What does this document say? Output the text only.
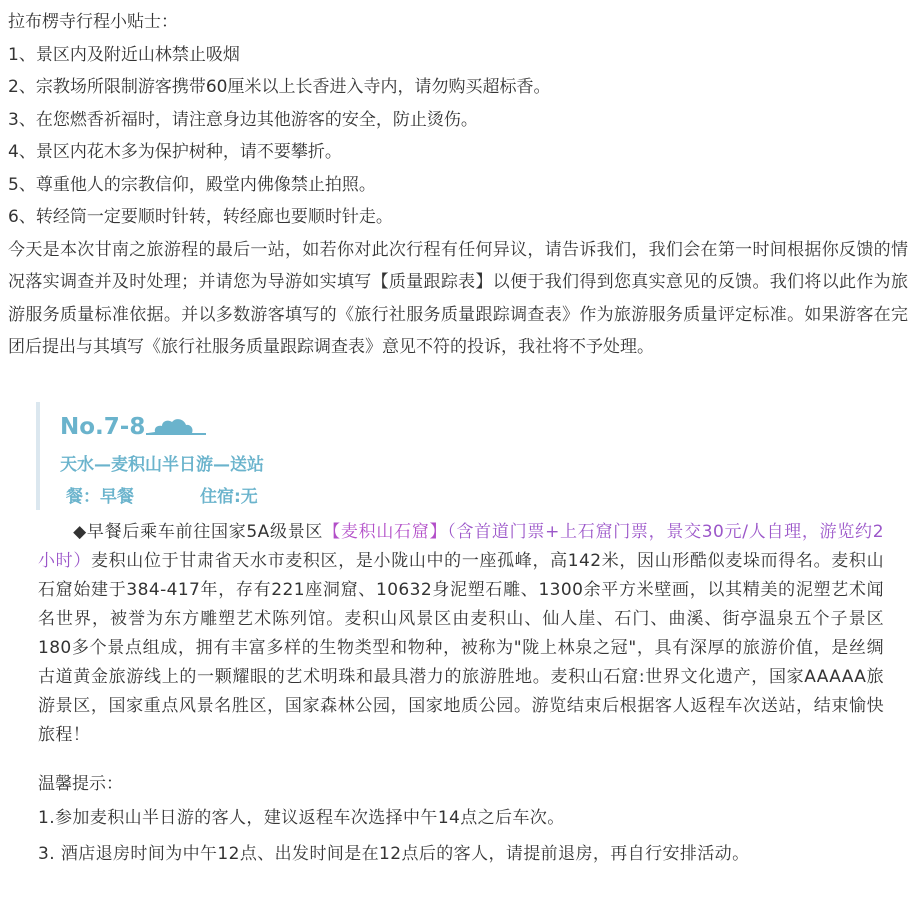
拉布楞寺行程小贴士：
1、景区内及附近山林禁止吸烟
2、宗教场所限制游客携带60厘米以上长香进入寺内，请勿购买超标香。
3、在您燃香祈福时，请注意身边其他游客的安全，防止烫伤。
4、景区内花木多为保护树种，请不要攀折。
5、尊重他人的宗教信仰，殿堂内佛像禁止拍照。
6、转经筒一定要顺时针转，转经廊也要顺时针走。
今天是本次甘南之旅游程的最后一站，如若你对此次行程有任何异议，请告诉我们，我们会在第一时间根据你反馈的情况落实调查并及时处理；并请您为导游如实填写【质量跟踪表】以便于我们得到您真实意见的反馈。我们将以此作为旅游服务质量标准依据。并以多数游客填写的《旅行社服务质量跟踪调查表》作为旅游服务质量评定标准。如果游客在完团后提出与其填写《旅行社服务质量跟踪调查表》意见不符的投诉，我社将不予处理。
No.7-8
天水—麦积山半日游—送站
餐：早餐	住宿:无

  ◆早餐后乘车前往国家5A级景区【麦积山石窟】（含首道门票+上石窟门票，景交30元/人自理，游览约2小时）麦积山位于甘肃省天水市麦积区，是小陇山中的一座孤峰，高142米，因山形酷似麦垛而得名。麦积山石窟始建于384-417年，存有221座洞窟、10632身泥塑石雕、1300余平方米壁画，以其精美的泥塑艺术闻名世界，被誉为东方雕塑艺术陈列馆。麦积山风景区由麦积山、仙人崖、石门、曲溪、街亭温泉五个子景区180多个景点组成，拥有丰富多样的生物类型和物种，被称为"陇上林泉之冠"，具有深厚的旅游价值，是丝绸古道黄金旅游线上的一颗耀眼的艺术明珠和最具潜力的旅游胜地。麦积山石窟:世界文化遗产，国家AAAAA旅游景区，国家重点风景名胜区，国家森林公园，国家地质公园。游览结束后根据客人返程车次送站，结束愉快旅程！

温馨提示：
1.参加麦积山半日游的客人，建议返程车次选择中午14点之后车次。
3. 酒店退房时间为中午12点、出发时间是在12点后的客人，请提前退房，再自行安排活动。
